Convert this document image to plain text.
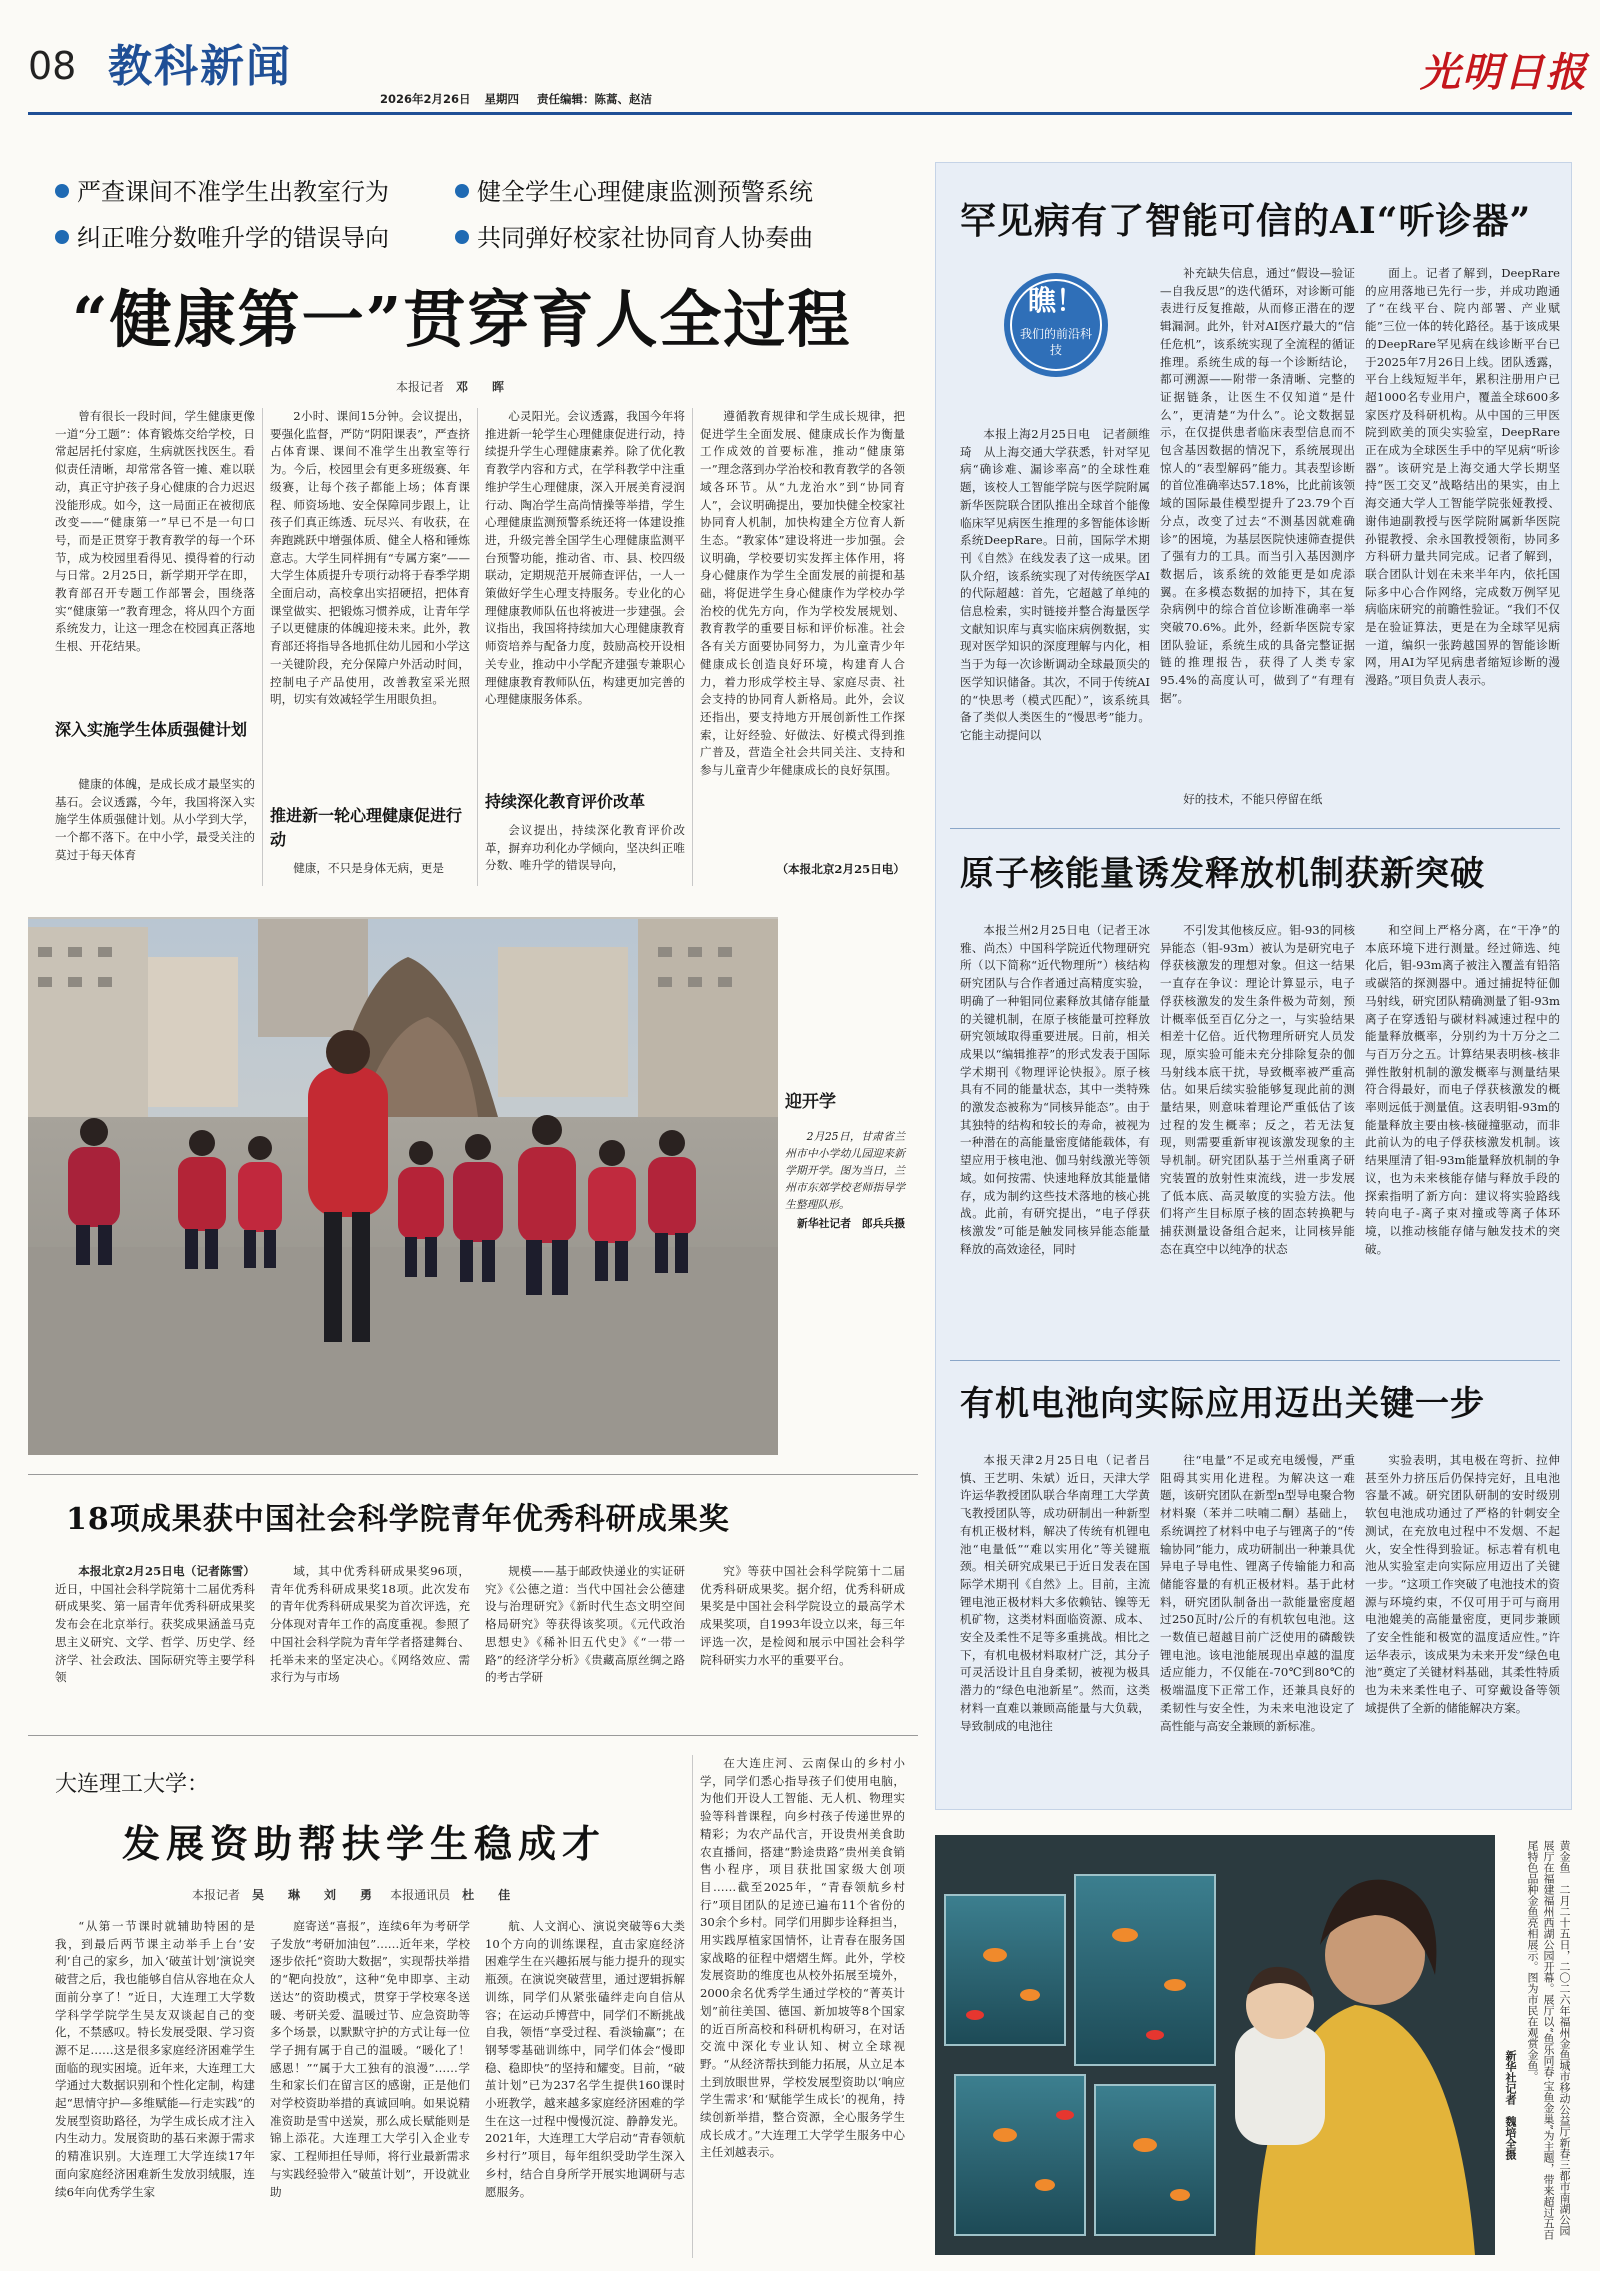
08 教科新闻
2026年2月26日 星期四 责任编辑：陈蒿、赵洁
光明日报
严查课间不准学生出教室行为	健全学生心理健康监测预警系统
纠正唯分数唯升学的错误导向	共同弹好校家社协同育人协奏曲
“健康第一”贯穿育人全过程
本报记者　 邓　晖
曾有很长一段时间，学生健康更像一道“分工题”：体育锻炼交给学校，日常起居托付家庭，生病就医找医生。看似责任清晰，却常常各管一摊、难以联动，真正守护孩子身心健康的合力迟迟没能形成。如今，这一局面正在被彻底改变——“健康第一”早已不是一句口号，而是正贯穿于教育教学的每一个环节，成为校园里看得见、摸得着的行动与日常。2月25日，新学期开学在即，教育部召开专题工作部署会，围绕落实“健康第一”教育理念，将从四个方面系统发力，让这一理念在校园真正落地生根、开花结果。
深入实施学生体质强健计划
健康的体魄，是成长成才最坚实的基石。会议透露，今年，我国将深入实施学生体质强健计划。从小学到大学，一个都不落下。在中小学，最受关注的莫过于每天体育
2小时、课间15分钟。会议提出，要强化监督，严防“阴阳课表”，严查挤占体育课、课间不准学生出教室等行为。今后，校园里会有更多班级赛、年级赛，让每个孩子都能上场；体育课程、师资场地、安全保障同步跟上，让孩子们真正练透、玩尽兴、有收获，在奔跑跳跃中增强体质、健全人格和锤炼意志。大学生同样拥有“专属方案”——大学生体质提升专项行动将于春季学期全面启动，高校拿出实招硬招，把体育课堂做实、把锻炼习惯养成，让青年学子以更健康的体魄迎接未来。此外，教育部还将指导各地抓住幼儿园和小学这一关键阶段，充分保障户外活动时间，控制电子产品使用，改善教室采光照明，切实有效减轻学生用眼负担。
推进新一轮心理健康促进行动
健康，不只是身体无病，更是
心灵阳光。会议透露，我国今年将推进新一轮学生心理健康促进行动，持续提升学生心理健康素养。除了优化教育教学内容和方式，在学科教学中注重维护学生心理健康，深入开展美育浸润行动、陶冶学生高尚情操等举措，学生心理健康监测预警系统还将一体建设推进，升级完善全国学生心理健康监测平台预警功能，推动省、市、县、校四级联动，定期规范开展筛查评估，一人一策做好学生心理支持服务。专业化的心理健康教师队伍也将被进一步建强。会议指出，我国将持续加大心理健康教育师资培养与配备力度，鼓励高校开设相关专业，推动中小学配齐建强专兼职心理健康教育教师队伍，构建更加完善的心理健康服务体系。
持续深化教育评价改革
会议提出，持续深化教育评价改革，摒弃功利化办学倾向，坚决纠正唯分数、唯升学的错误导向，
遵循教育规律和学生成长规律，把促进学生全面发展、健康成长作为衡量工作成效的首要标准，推动“健康第一”理念落到办学治校和教育教学的各领域各环节。从“九龙治水”到“协同育人”，会议明确提出，要加快健全校家社协同育人机制，加快构建全方位育人新生态。“教家体”建设将进一步加强。会议明确，学校要切实发挥主体作用，将身心健康作为学生全面发展的前提和基础，将促进学生身心健康作为学校办学治校的优先方向，作为学校发展规划、教育教学的重要目标和评价标准。社会各有关方面要协同努力，为儿童青少年健康成长创造良好环境，构建育人合力，着力形成学校主导、家庭尽责、社会支持的协同育人新格局。此外，会议还指出，要支持地方开展创新性工作探索，让好经验、好做法、好模式得到推广普及，营造全社会共同关注、支持和参与儿童青少年健康成长的良好氛围。
（本报北京2月25日电）
迎开学
2月25日，甘肃省兰州市中小学幼儿园迎来新学期开学。图为当日，兰州市东郊学校老师指导学生整理队形。
新华社记者　郎兵兵摄
18项成果获中国社会科学院青年优秀科研成果奖
本报北京2月25日电（记者陈雪）近日，中国社会科学院第十二届优秀科研成果奖、第一届青年优秀科研成果奖发布会在北京举行。获奖成果涵盖马克思主义研究、文学、哲学、历史学、经济学、社会政法、国际研究等主要学科领
域，其中优秀科研成果奖96项，青年优秀科研成果奖18项。此次发布的青年优秀科研成果奖为首次评选，充分体现对青年工作的高度重视。参照了中国社会科学院为青年学者搭建舞台、托举未来的坚定决心。《网络效应、需求行为与市场
规模——基于邮政快递业的实证研究》《公德之道：当代中国社会公德建设与治理研究》《新时代生态文明空间格局研究》等获得该奖项。《元代政治思想史》《稀补旧五代史》《“一带一路”的经济学分析》《贵藏高原丝绸之路的考古学研
究》等获中国社会科学院第十二届优秀科研成果奖。据介绍，优秀科研成果奖是中国社会科学院设立的最高学术成果奖项，自1993年设立以来，每三年评选一次，是检阅和展示中国社会科学院科研实力水平的重要平台。
大连理工大学：
发展资助帮扶学生稳成才
本报记者　 吴　琳　刘　勇　 本报通讯员　 杜　佳
“从第一节课时就辅助特困的是我，到最后两节课主动举手上台‘安利’自己的家乡，加入‘破茧计划’演说突破营之后，我也能够自信从容地在众人面前分享了！”近日，大连理工大学数学科学学院学生吴友双谈起自己的变化，不禁感叹。特长发展受限、学习资源不足……这是很多家庭经济困难学生面临的现实困境。近年来，大连理工大学通过大数据识别和个性化定制，构建起“思情守护—多维赋能—行走实践”的发展型资助路径，为学生成长成才注入内生动力。发展资助的基石来源于需求的精准识别。大连理工大学连续17年面向家庭经济困难新生发放羽绒服，连续6年向优秀学生家
庭寄送“喜报”，连续6年为考研学子发放“考研加油包”……近年来，学校逐步依托“资助大数据”，实现帮扶举措的“靶向投放”，这种“免申即享、主动送达”的资助模式，贯穿于学校寒冬送暖、考研关爱、温暖过节、应急资助等多个场景，以默默守护的方式让每一位学子拥有属于自己的温暖。“暖化了！感恩！”“属于大工独有的浪漫”……学生和家长们在留言区的感谢，正是他们对学校资助举措的真诚回响。如果说精准资助是雪中送炭，那么成长赋能则是锦上添花。大连理工大学引入企业专家、工程师担任导师，将行业最新需求与实践经验带入“破茧计划”，开设就业助
航、人文润心、演说突破等6大类10个方向的训练课程，直击家庭经济困难学生在兴趣拓展与能力提升的现实瓶颈。在演说突破营里，通过逻辑拆解训练，同学们从紧张磕绊走向自信从容；在运动乒博营中，同学们不断挑战自我，领悟“享受过程、看淡输赢”；在钢琴零基础训练中，同学们体会“慢即稳、稳即快”的坚持和耀变。目前，“破茧计划”已为237名学生提供160课时小班教学，越来越多家庭经济困难的学生在这一过程中慢慢沉淀、静静发光。2021年，大连理工大学启动“青春领航乡村行”项目，每年组织受助学生深入乡村，结合自身所学开展实地调研与志愿服务。
在大连庄河、云南保山的乡村小学，同学们悉心指导孩子们使用电脑，为他们开设人工智能、无人机、物理实验等科普课程，向乡村孩子传递世界的精彩；为农产品代言，开设贵州美食助农直播间，搭建“黔途贵路”贵州美食销售小程序，项目获批国家级大创项目……截至2025年，“青春领航乡村行”项目团队的足迹已遍布11个省份的30余个乡村。同学们用脚步诠释担当，用实践厚植家国情怀，让青春在服务国家战略的征程中熠熠生辉。此外，学校发展资助的维度也从校外拓展至境外，2000余名优秀学生通过学校的“菁英计划”前往美国、德国、新加坡等8个国家的近百所高校和科研机构研习，在对话交流中深化专业认知、树立全球视野。“从经济帮扶到能力拓展，从立足本土到放眼世界，学校发展型资助以‘响应学生需求’和‘赋能学生成长’的视角，持续创新举措，整合资源，全心服务学生成长成才。”大连理工大学学生服务中心主任刘越表示。
罕见病有了智能可信的AI“听诊器”
瞧！
我们的前沿科技
本报上海2月25日电　记者颜维琦　从上海交通大学获悉，针对罕见病“确诊难、漏诊率高”的全球性难题，该校人工智能学院与医学院附属新华医院联合团队推出全球首个能像临床罕见病医生推理的多智能体诊断系统DeepRare。日前，国际学术期刊《自然》在线发表了这一成果。团队介绍，该系统实现了对传统医学AI的代际超越：首先，它超越了单纯的信息检索，实时链接并整合海量医学文献知识库与真实临床病例数据，实现对医学知识的深度理解与内化，相当于为每一次诊断调动全球最顶尖的医学知识储备。其次，不同于传统AI的“快思考（模式匹配）”，该系统具备了类似人类医生的“慢思考”能力。它能主动提问以
补充缺失信息，通过“假设—验证—自我反思”的迭代循环，对诊断可能表进行反复推敲，从而修正潜在的逻辑漏洞。此外，针对AI医疗最大的“信任危机”，该系统实现了全流程的循证推理。系统生成的每一个诊断结论，都可溯源——附带一条清晰、完整的证据链条，让医生不仅知道“是什么”，更清楚“为什么”。论文数据显示，在仅提供患者临床表型信息而不包含基因数据的情况下，系统展现出惊人的“表型解码”能力。其表型诊断的首位准确率达57.18%，比此前该领域的国际最佳模型提升了23.79个百分点，改变了过去“不测基因就难确诊”的困境，为基层医院快速筛查提供了强有力的工具。而当引入基因测序数据后，该系统的效能更是如虎添翼。在多模态数据的加持下，其在复杂病例中的综合首位诊断准确率一举突破70.6%。此外，经新华医院专家团队验证，系统生成的具备完整证据链的推理报告，获得了人类专家95.4%的高度认可，做到了“有理有据”。
好的技术，不能只停留在纸
面上。记者了解到，DeepRare的应用落地已先行一步，并成功跑通了“在线平台、院内部署、产业赋能”三位一体的转化路径。基于该成果的DeepRare罕见病在线诊断平台已于2025年7月26日上线。团队透露，平台上线短短半年，累积注册用户已超1000名专业用户，覆盖全球600多家医疗及科研机构。从中国的三甲医院到欧美的顶尖实验室，DeepRare正在成为全球医生手中的罕见病“听诊器”。该研究是上海交通大学长期坚持“医工交叉”战略结出的果实，由上海交通大学人工智能学院张娅教授、谢伟迪副教授与医学院附属新华医院孙锟教授、余永国教授领衔，协同多方科研力量共同完成。记者了解到，联合团队计划在未来半年内，依托国际多中心合作网络，完成数万例罕见病临床研究的前瞻性验证。“我们不仅是在验证算法，更是在为全球罕见病一道，编织一张跨越国界的智能诊断网，用AI为罕见病患者缩短诊断的漫漫路。”项目负责人表示。
原子核能量诱发释放机制获新突破
本报兰州2月25日电（记者王冰雅、尚杰）中国科学院近代物理研究所（以下简称“近代物理所”）核结构研究团队与合作者通过高精度实验，明确了一种钼同位素释放其储存能量的关键机制，在原子核能量可控释放研究领域取得重要进展。日前，相关成果以“编辑推荐”的形式发表于国际学术期刊《物理评论快报》。原子核具有不同的能量状态，其中一类特殊的激发态被称为“同核异能态”。由于其独特的结构和较长的寿命，被视为一种潜在的高能量密度储能载体，有望应用于核电池、伽马射线激光等领域。如何按需、快速地释放其能量储存，成为制约这些技术落地的核心挑战。此前，有研究提出，“电子俘获核激发”可能是触发同核异能态能量释放的高效途径，同时
不引发其他核反应。钼-93的同核异能态（钼-93m）被认为是研究电子俘获核激发的理想对象。但这一结果一直存在争议：理论计算显示，电子俘获核激发的发生条件极为苛刻，预计概率低至百亿分之一，与实验结果相差十亿倍。近代物理所研究人员发现，原实验可能未充分排除复杂的伽马射线本底干扰，导致概率被严重高估。如果后续实验能够复现此前的测量结果，则意味着理论严重低估了该过程的发生概率；反之，若无法复现，则需要重新审视该激发现象的主导机制。研究团队基于兰州重离子研究装置的放射性束流线，进一步发展了低本底、高灵敏度的实验方法。他们将产生目标原子核的固态转换靶与捕获测量设备组合起来，让同核异能态在真空中以纯净的状态
和空间上严格分离，在“干净”的本底环境下进行测量。经过筛选、纯化后，钼-93m离子被注入覆盖有铅箔或碳箔的探测器中。通过捕捉特征伽马射线，研究团队精确测量了钼-93m离子在穿透铅与碳材料减速过程中的能量释放概率，分别约为十万分之二与百万分之五。计算结果表明核-核非弹性散射机制的激发概率与测量结果符合得最好，而电子俘获核激发的概率则远低于测量值。这表明钼-93m的能量释放主要由核-核碰撞驱动，而非此前认为的电子俘获核激发机制。该结果厘清了钼-93m能量释放机制的争议，也为未来核能存储与释放手段的探索指明了新方向：建议将实验路线转向电子-离子束对撞或等离子体环境，以推动核能存储与触发技术的突破。
有机电池向实际应用迈出关键一步
本报天津2月25日电（记者吕慎、王艺明、朱斌）近日，天津大学许运华教授团队联合华南理工大学黄飞教授团队等，成功研制出一种新型有机正极材料，解决了传统有机锂电池“电量低”“难以实用化”等关键瓶颈。相关研究成果已于近日发表在国际学术期刊《自然》上。目前，主流锂电池正极材料大多依赖钴、镍等无机矿物，这类材料面临资源、成本、安全及柔性不足等多重挑战。相比之下，有机电极材料取材广泛，其分子可灵活设计且自身柔韧，被视为极具潜力的“绿色电池新星”。然而，这类材料一直难以兼顾高能量与大负载，导致制成的电池往
往“电量”不足或充电缓慢，严重阻碍其实用化进程。为解决这一难题，该研究团队在新型n型导电聚合物材料聚（苯并二呋喃二酮）基础上，系统调控了材料中电子与锂离子的“传输协同”能力，成功研制出一种兼具优异电子导电性、锂离子传输能力和高储能容量的有机正极材料。基于此材料，研究团队制备出一款能量密度超过250瓦时/公斤的有机软包电池。这一数值已超越目前广泛使用的磷酸铁锂电池。该电池能展现出卓越的温度适应能力，不仅能在-70℃到80℃的极端温度下正常工作，还兼具良好的柔韧性与安全性，为未来电池设定了高性能与高安全兼顾的新标准。
实验表明，其电极在弯折、拉伸甚至外力挤压后仍保持完好，且电池容量不减。研究团队研制的安时级別软包电池成功通过了严格的针刺安全测试，在充放电过程中不发烟、不起火，安全性得到验证。标志着有机电池从实验室走向实际应用迈出了关键一步。“这项工作突破了电池技术的资源与环境约束，不仅可用于可与商用电池媲美的高能量密度，更同步兼顾了安全性能和极宽的温度适应性。”许运华表示，该成果为未来开发“绿色电池”奠定了关键材料基础，其柔性特质也为未来柔性电子、可穿戴设备等领域提供了全新的储能解决方案。
黄金鱼　二月二十五日，二〇二六年福州金鱼城市移动公益厅新春三都市南湖公园展厅在福建福州西湖公园开幕。展厅以“鱼乐同春·宝鱼金巢”为主题，带来超过五百尾特色品种金鱼亮相展示。图为市民在观赏金鱼。
新华社记者　魏培全摄
